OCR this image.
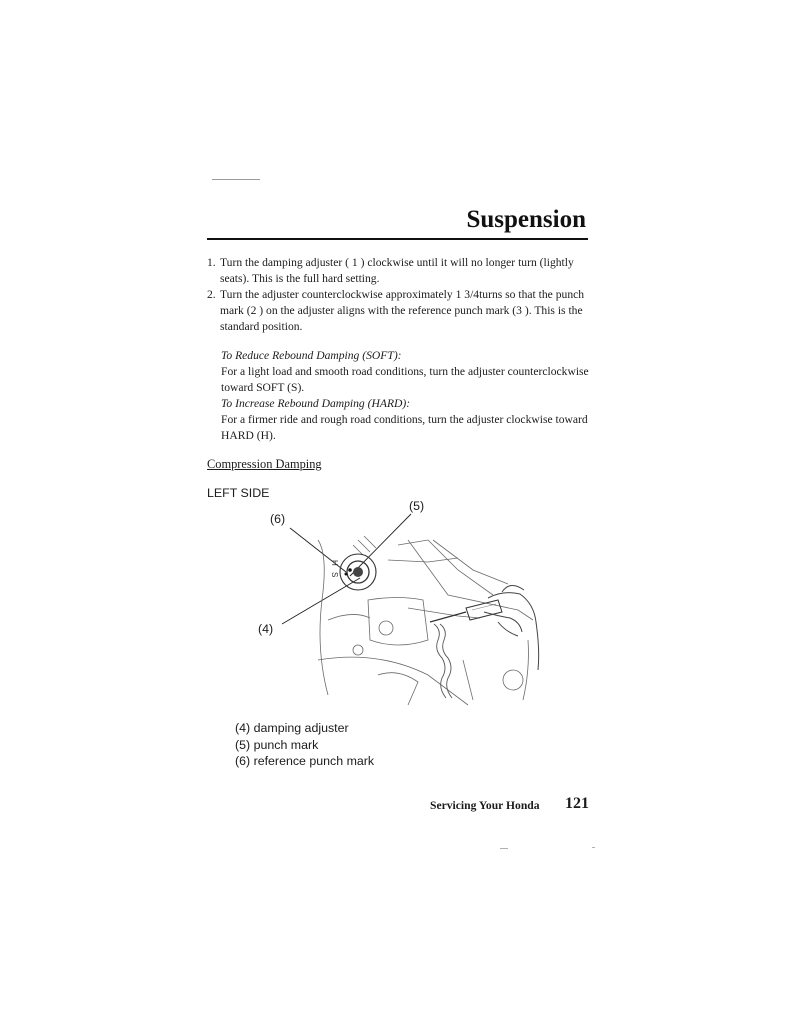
Suspension
1. Turn the damping adjuster ( 1 ) clockwise until it will no longer turn (lightly seats). This is the full hard setting.
2. Turn the adjuster counterclockwise approximately 1 3/4turns so that the punch mark (2 ) on the adjuster aligns with the reference punch mark (3 ). This is the standard position.
To Reduce Rebound Damping (SOFT):
For a light load and smooth road conditions, turn the adjuster counterclockwise toward SOFT (S).
To Increase Rebound Damping (HARD):
For a firmer ride and rough road conditions, turn the adjuster clockwise toward HARD (H).
Compression Damping
LEFT SIDE
(6)
(5)
(4)
H
S
(4) damping adjuster
(5) punch mark
(6) reference punch mark
Servicing Your Honda 121
